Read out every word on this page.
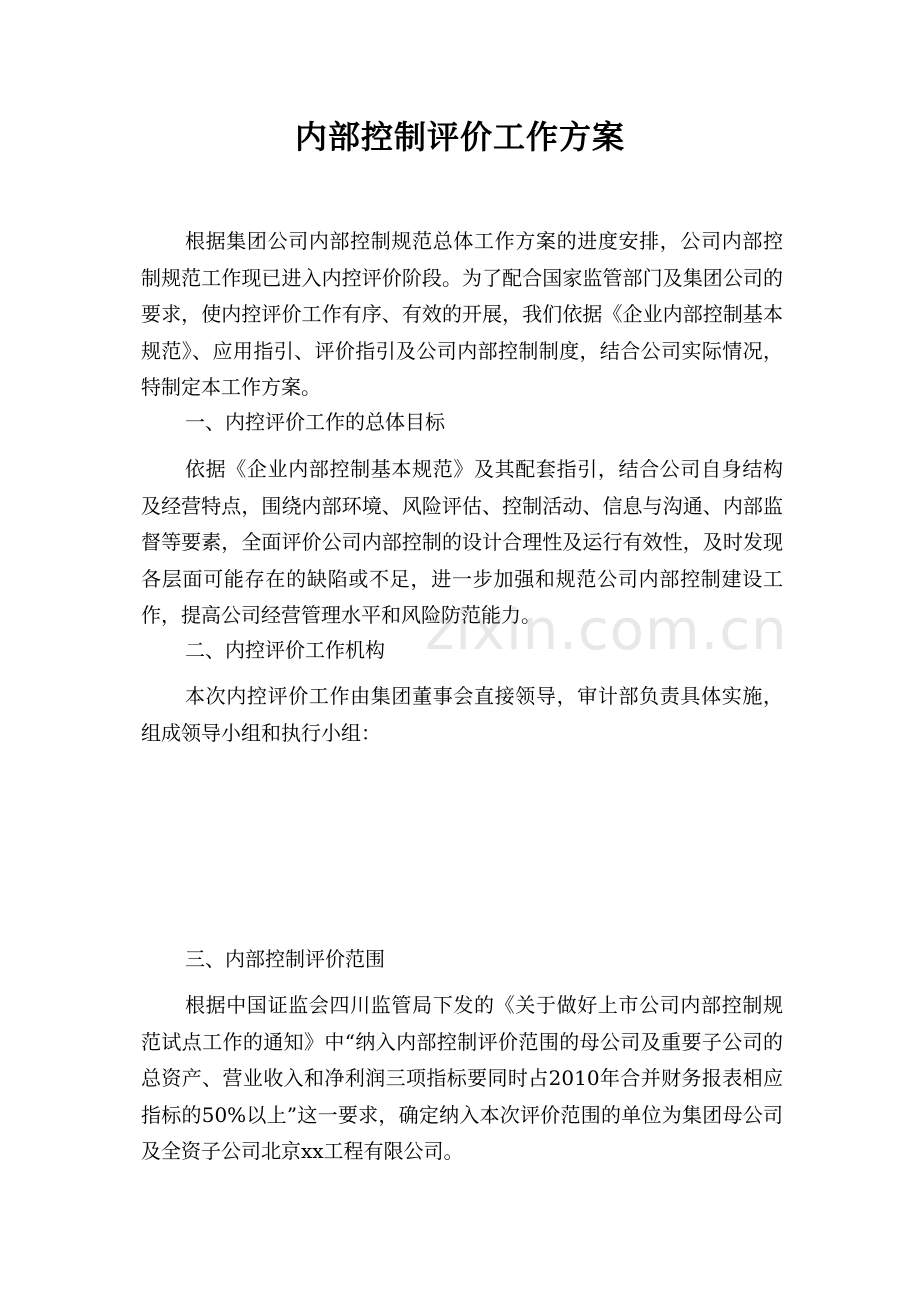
内部控制评价工作方案

根据集团公司内部控制规范总体工作方案的进度安排，公司内部控制规范工作现已进入内控评价阶段。为了配合国家监管部门及集团公司的要求，使内控评价工作有序、有效的开展，我们依据《企业内部控制基本规范》、应用指引、评价指引及公司内部控制制度，结合公司实际情况，特制定本工作方案。

一、内控评价工作的总体目标

依据《企业内部控制基本规范》及其配套指引，结合公司自身结构及经营特点，围绕内部环境、风险评估、控制活动、信息与沟通、内部监督等要素，全面评价公司内部控制的设计合理性及运行有效性，及时发现各层面可能存在的缺陷或不足，进一步加强和规范公司内部控制建设工作，提高公司经营管理水平和风险防范能力。

二、内控评价工作机构

本次内控评价工作由集团董事会直接领导，审计部负责具体实施，组成领导小组和执行小组：

三、内部控制评价范围

根据中国证监会四川监管局下发的《关于做好上市公司内部控制规范试点工作的通知》中“纳入内部控制评价范围的母公司及重要子公司的总资产、营业收入和净利润三项指标要同时占2010年合并财务报表相应指标的50%以上”这一要求，确定纳入本次评价范围的单位为集团母公司及全资子公司北京xx工程有限公司。

zixin.com.cn
